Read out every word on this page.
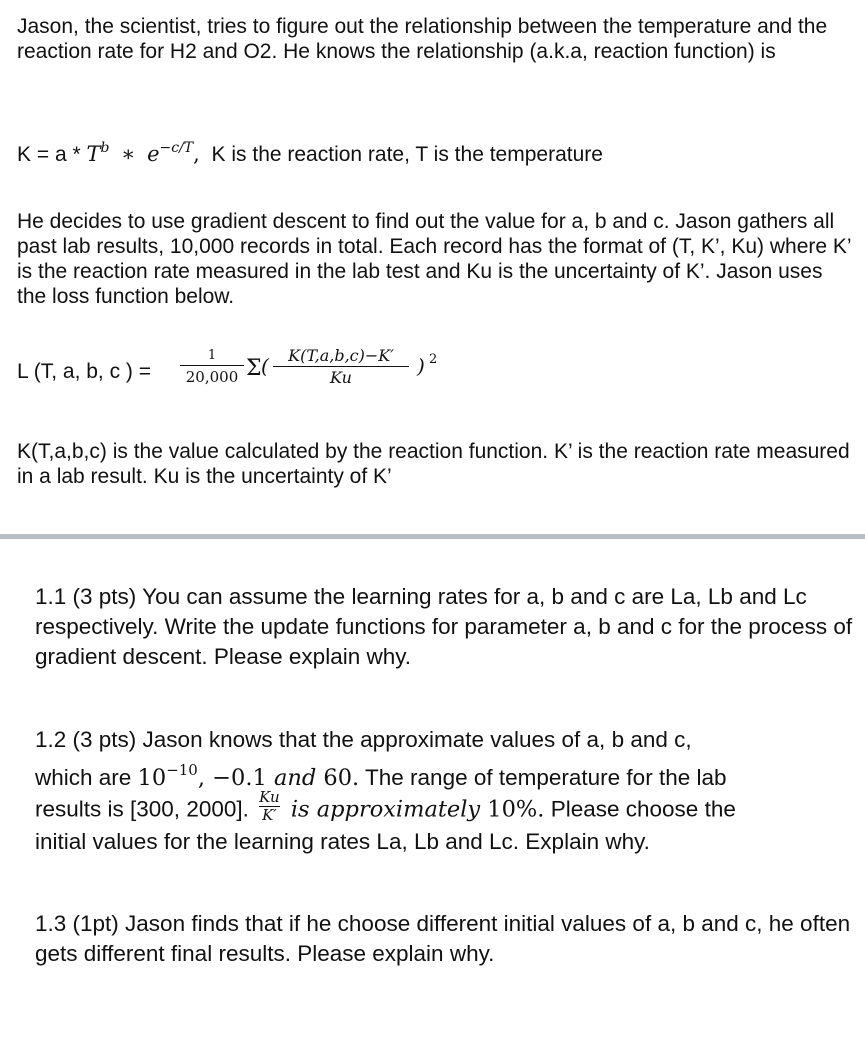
Jason, the scientist, tries to figure out the relationship between the temperature and the reaction rate for H2 and O2. He knows the relationship (a.k.a, reaction function) is

$K = a * T^b$ ∗ $e^{-c/T}$, K is the reaction rate, T is the temperature

He decides to use gradient descent to find out the value for a, b and c. Jason gathers all past lab results, 10,000 records in total. Each record has the format of (T, K’, Ku) where K’ is the reaction rate measured in the lab test and Ku is the uncertainty of K’. Jason uses the loss function below.

L (T, a, b, c ) =
1
20,000 Σ (	K(T,a,b,c)−K′
Ku	) 2

K(T,a,b,c) is the value calculated by the reaction function. K’ is the reaction rate measured in a lab result. Ku is the uncertainty of K’

1.1 (3 pts) You can assume the learning rates for a, b and c are La, Lb and Lc respectively. Write the update functions for parameter a, b and c for the process of gradient descent. Please explain why.

1.2 (3 pts) Jason knows that the approximate values of a, b and c,
which are $10^{-10}$, −0.1 and 60. The range of temperature for the lab
results is [300, 2000]. $\frac{Ku}{K'}$ is approximately 10%. Please choose the
initial values for the learning rates La, Lb and Lc. Explain why.

1.3 (1pt) Jason finds that if he choose different initial values of a, b and c, he often gets different final results. Please explain why.
